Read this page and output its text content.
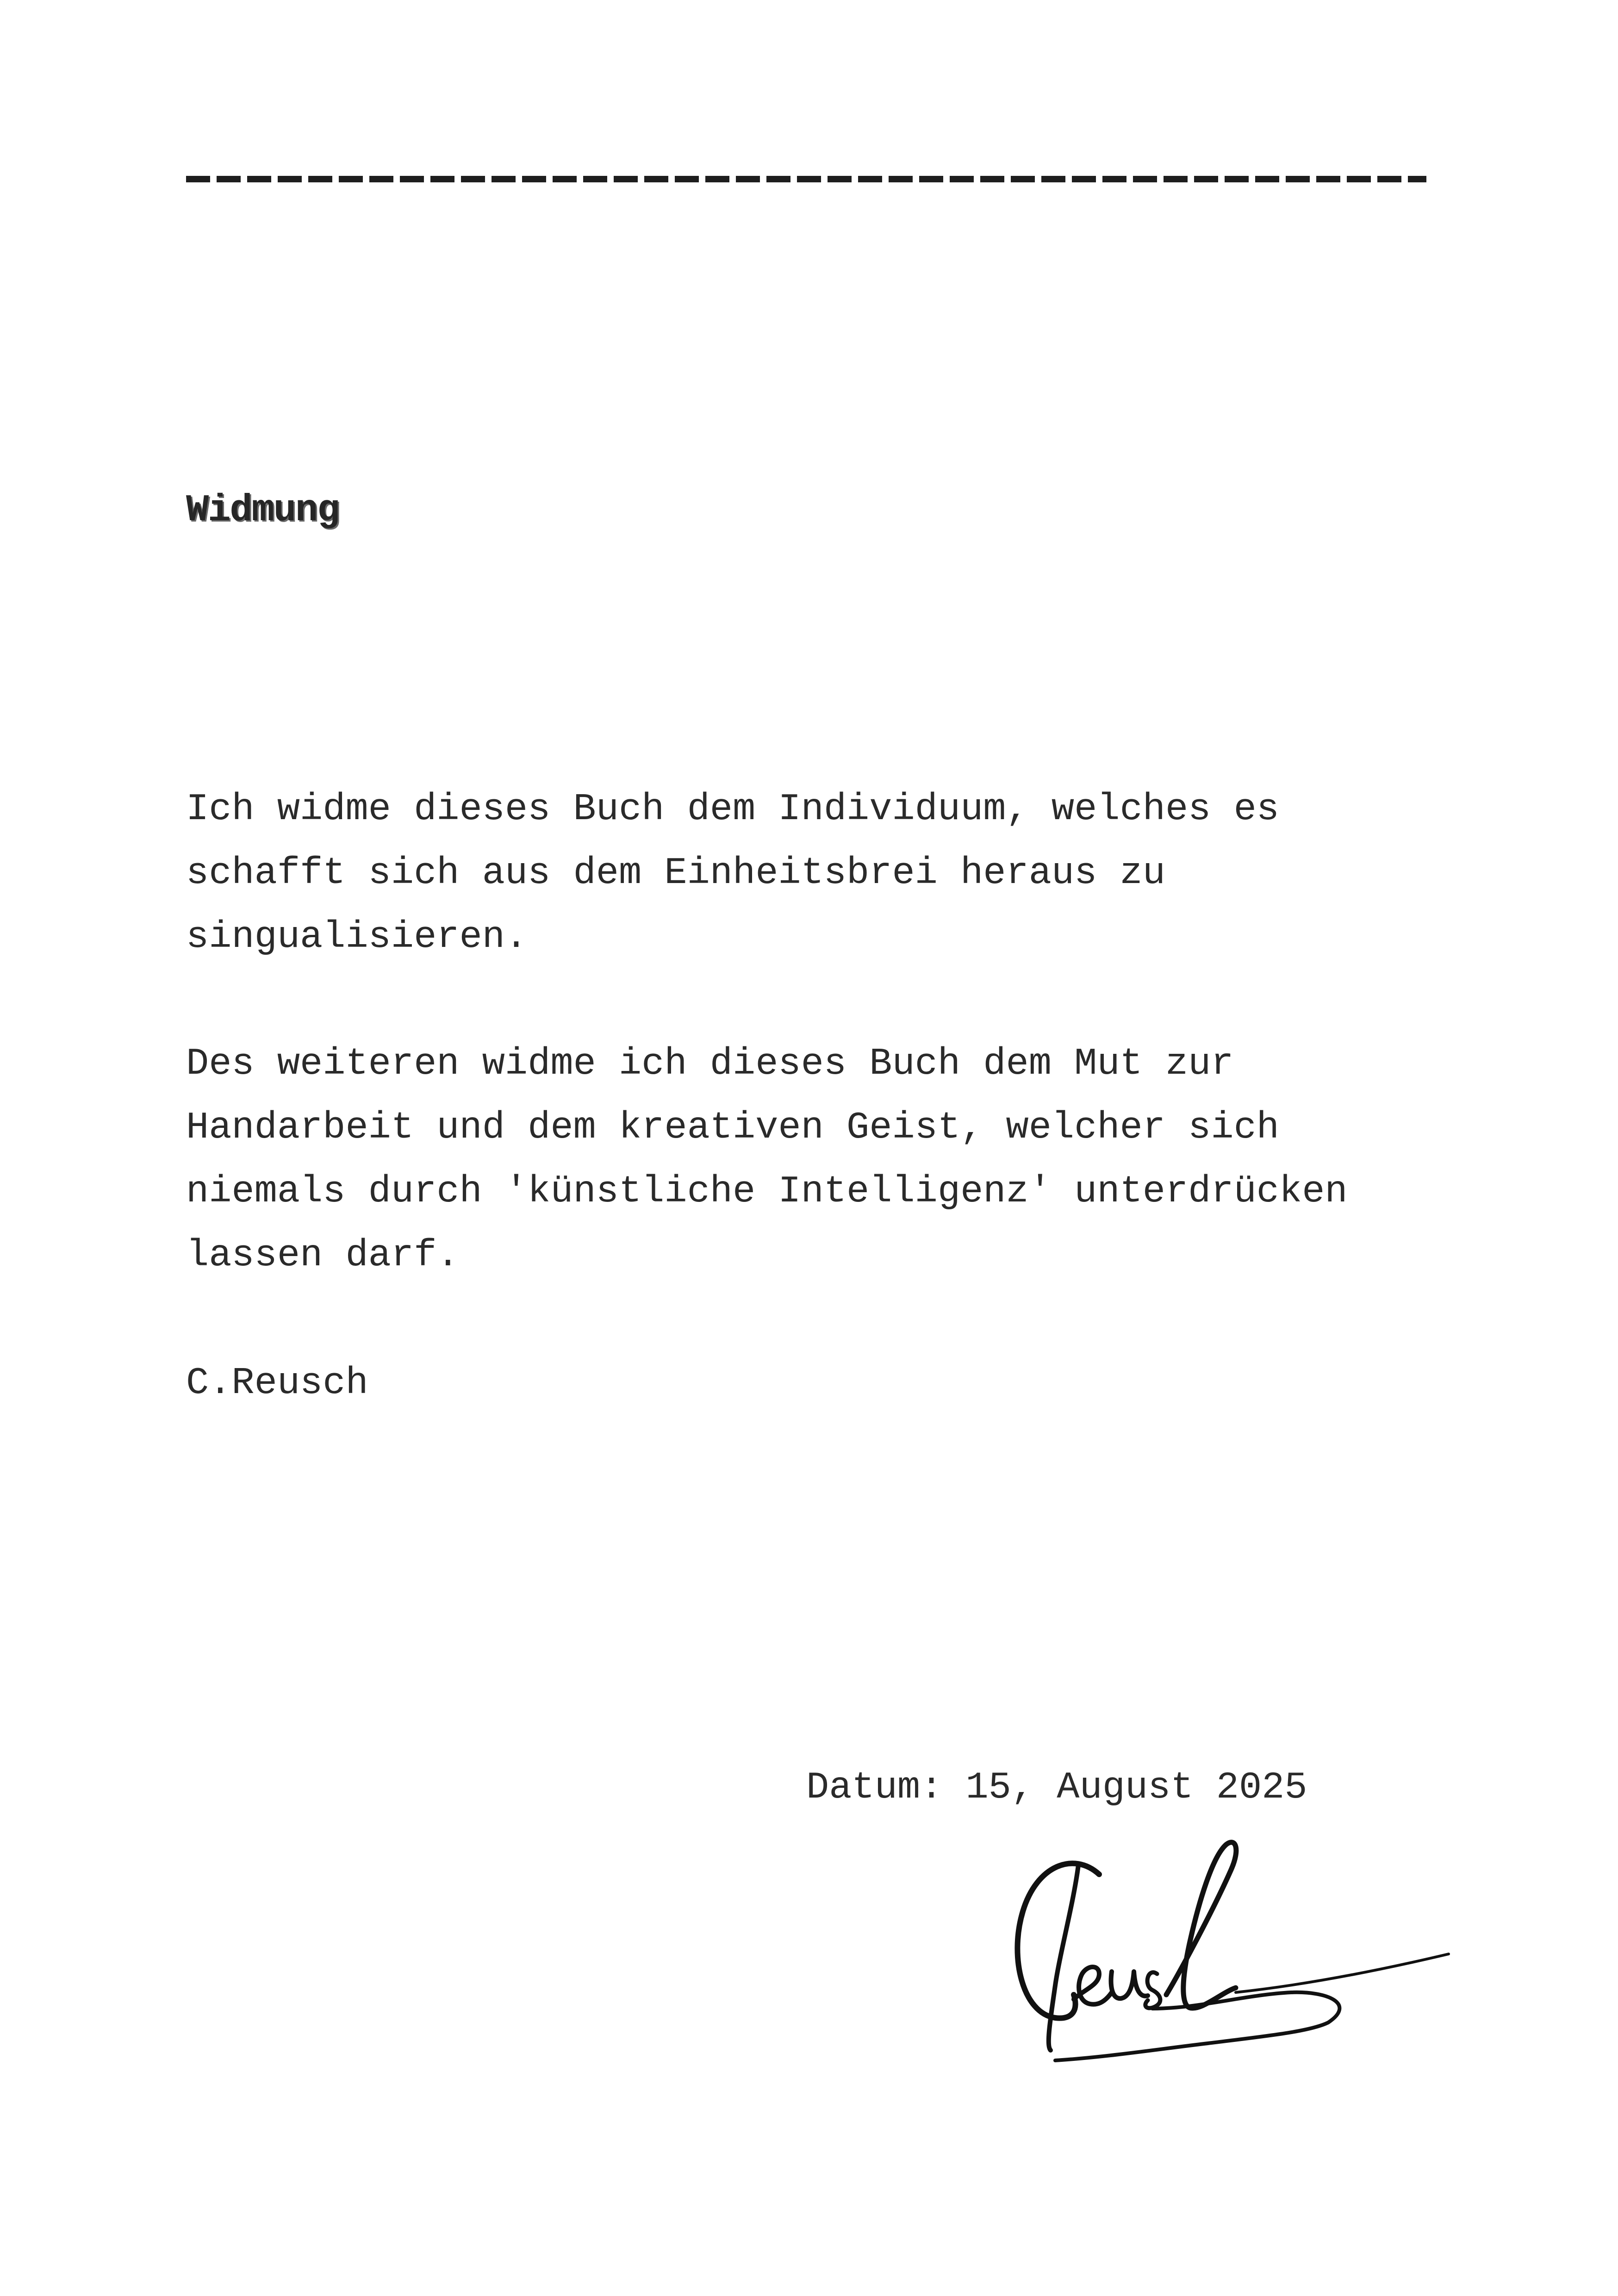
Widmung

Ich widme dieses Buch dem Individuum, welches es
schafft sich aus dem Einheitsbrei heraus zu
singualisieren.

Des weiteren widme ich dieses Buch dem Mut zur
Handarbeit und dem kreativen Geist, welcher sich
niemals durch 'künstliche Intelligenz' unterdrücken
lassen darf.

C.Reusch

Datum: 15, August 2025
